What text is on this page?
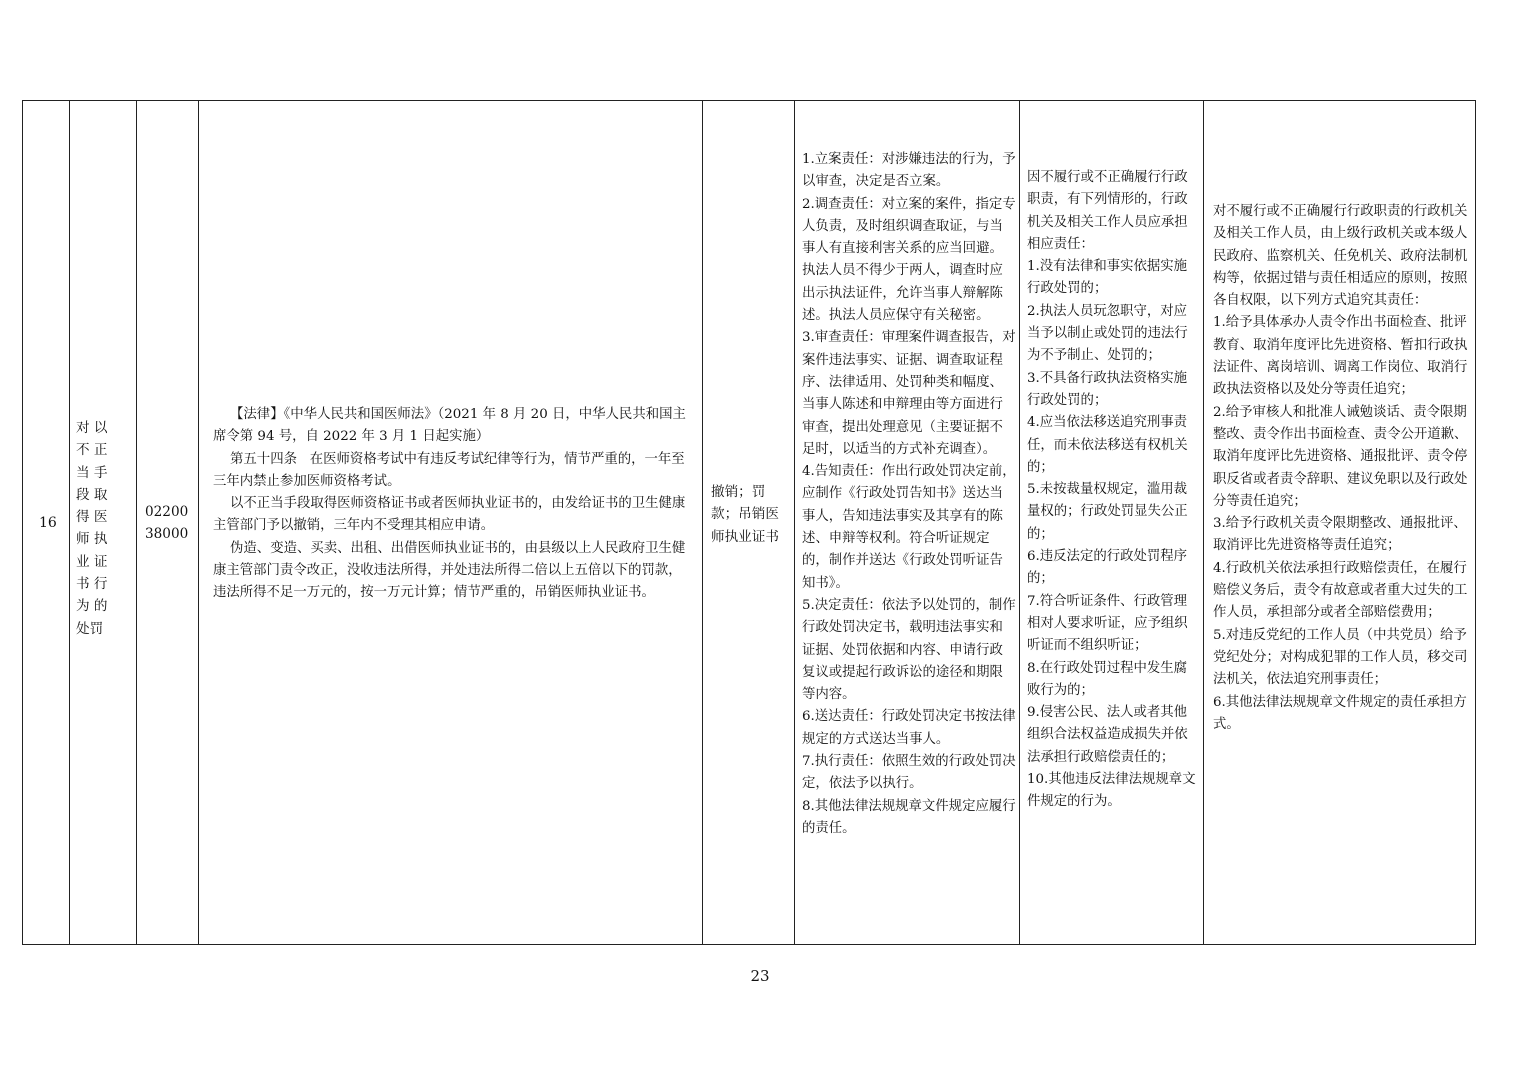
16
对 以
不 正
当 手
段 取
得 医
师 执
业 证
书 行
为 的
处罚
02200
38000
【法律】《中华人民共和国医师法》（2021 年 8 月 20 日，中华人民共和国主席令第 94 号，自 2022 年 3 月 1 日起实施）
第五十四条   在医师资格考试中有违反考试纪律等行为，情节严重的，一年至三年内禁止参加医师资格考试。
以不正当手段取得医师资格证书或者医师执业证书的，由发给证书的卫生健康主管部门予以撤销，三年内不受理其相应申请。
伪造、变造、买卖、出租、出借医师执业证书的，由县级以上人民政府卫生健康主管部门责令改正，没收违法所得，并处违法所得二倍以上五倍以下的罚款，违法所得不足一万元的，按一万元计算；情节严重的，吊销医师执业证书。
撤销；罚款；吊销医师执业证书
1.立案责任：对涉嫌违法的行为，予以审查，决定是否立案。
2.调查责任：对立案的案件，指定专人负责，及时组织调查取证，与当事人有直接利害关系的应当回避。执法人员不得少于两人，调查时应出示执法证件，允许当事人辩解陈述。执法人员应保守有关秘密。
3.审查责任：审理案件调查报告，对案件违法事实、证据、调查取证程序、法律适用、处罚种类和幅度、当事人陈述和申辩理由等方面进行审查，提出处理意见（主要证据不足时，以适当的方式补充调查）。
4.告知责任：作出行政处罚决定前，应制作《行政处罚告知书》送达当事人，告知违法事实及其享有的陈述、申辩等权利。符合听证规定的，制作并送达《行政处罚听证告知书》。
5.决定责任：依法予以处罚的，制作行政处罚决定书，载明违法事实和证据、处罚依据和内容、申请行政复议或提起行政诉讼的途径和期限等内容。
6.送达责任：行政处罚决定书按法律规定的方式送达当事人。
7.执行责任：依照生效的行政处罚决定，依法予以执行。
8.其他法律法规规章文件规定应履行的责任。
因不履行或不正确履行行政职责，有下列情形的，行政机关及相关工作人员应承担相应责任：
1.没有法律和事实依据实施行政处罚的；
2.执法人员玩忽职守，对应当予以制止或处罚的违法行为不予制止、处罚的；
3.不具备行政执法资格实施行政处罚的；
4.应当依法移送追究刑事责任，而未依法移送有权机关的；
5.未按裁量权规定，滥用裁量权的；行政处罚显失公正的；
6.违反法定的行政处罚程序的；
7.符合听证条件、行政管理相对人要求听证，应予组织听证而不组织听证；
8.在行政处罚过程中发生腐败行为的；
9.侵害公民、法人或者其他组织合法权益造成损失并依法承担行政赔偿责任的；
10.其他违反法律法规规章文件规定的行为。
对不履行或不正确履行行政职责的行政机关及相关工作人员，由上级行政机关或本级人民政府、监察机关、任免机关、政府法制机构等，依据过错与责任相适应的原则，按照各自权限，以下列方式追究其责任：
1.给予具体承办人责令作出书面检查、批评教育、取消年度评比先进资格、暂扣行政执法证件、离岗培训、调离工作岗位、取消行政执法资格以及处分等责任追究；
2.给予审核人和批准人诫勉谈话、责令限期整改、责令作出书面检查、责令公开道歉、取消年度评比先进资格、通报批评、责令停职反省或者责令辞职、建议免职以及行政处分等责任追究；
3.给予行政机关责令限期整改、通报批评、取消评比先进资格等责任追究；
4.行政机关依法承担行政赔偿责任，在履行赔偿义务后，责令有故意或者重大过失的工作人员，承担部分或者全部赔偿费用；
5.对违反党纪的工作人员（中共党员）给予党纪处分；对构成犯罪的工作人员，移交司法机关，依法追究刑事责任；
6.其他法律法规规章文件规定的责任承担方式。
23
